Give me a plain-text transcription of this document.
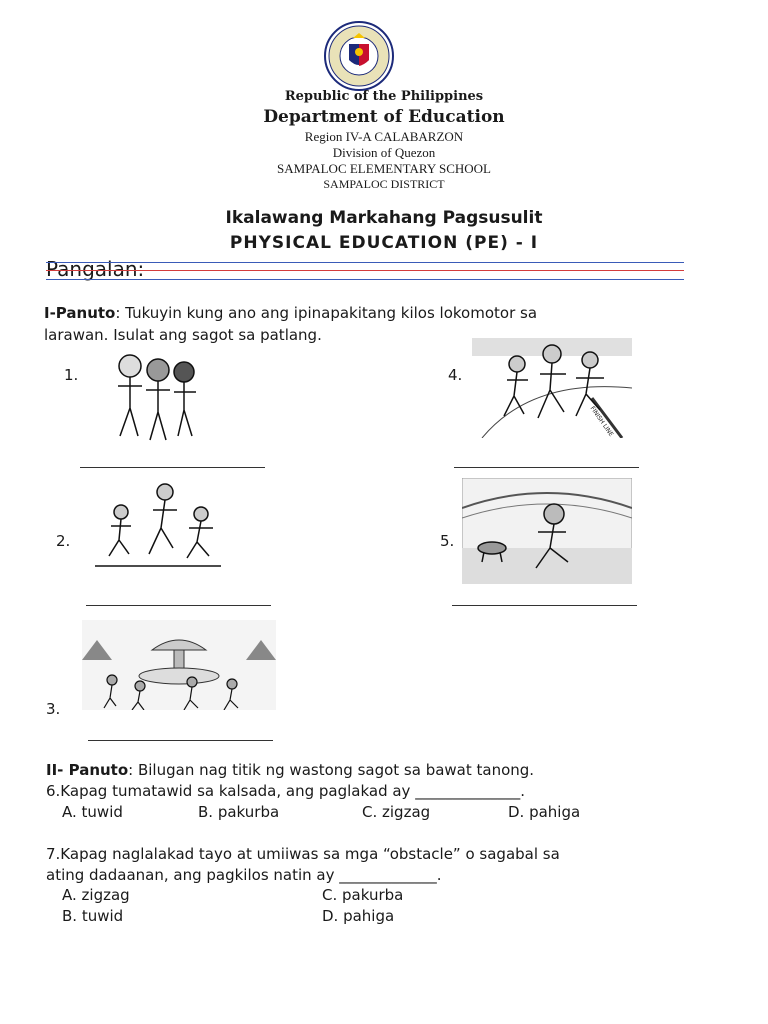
Republic of the Philippines
Department of Education
Region IV-A CALABARZON
Division of Quezon
SAMPALOC ELEMENTARY SCHOOL
SAMPALOC DISTRICT
Ikalawang Markahang Pagsusulit
PHYSICAL EDUCATION (PE) - I
Pangalan:
I-Panuto: Tukuyin kung ano ang ipinapakitang kilos lokomotor sa
larawan. Isulat ang sagot sa patlang.
1.	4.
FINISH LINE
2.	5.
3.
II- Panuto: Bilugan nag titik ng wastong sagot sa bawat tanong.
6.Kapag tumatawid sa kalsada, ang paglakad ay ______________.
A. tuwid	B. pakurba	C. zigzag	D. pahiga
7.Kapag naglalakad tayo at umiiwas sa mga “obstacle” o sagabal sa
ating dadaanan, ang pagkilos natin ay _____________.
A. zigzag	C. pakurba
B. tuwid	D. pahiga
